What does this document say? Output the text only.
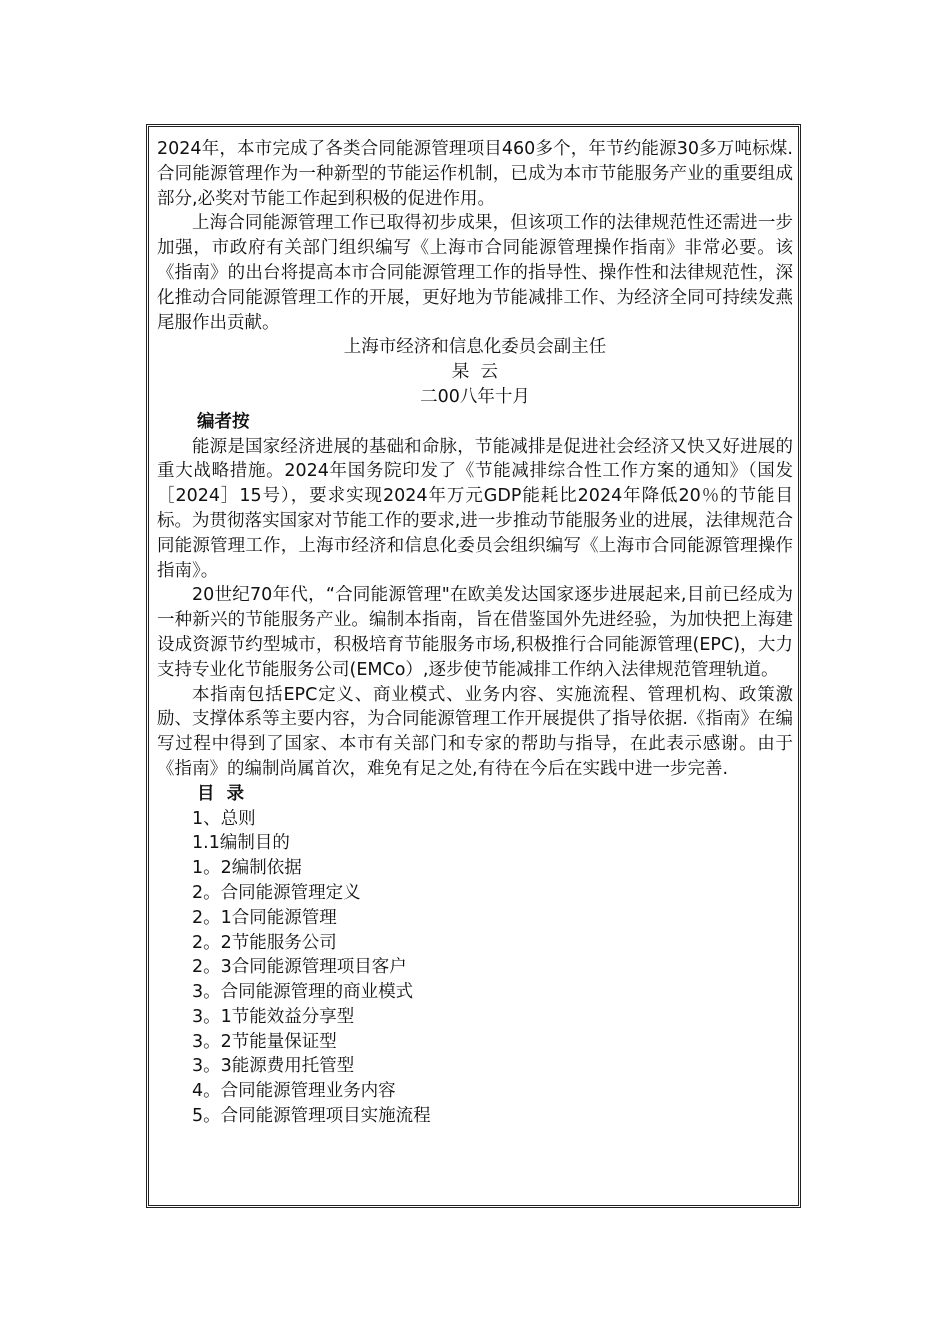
2024年，本市完成了各类合同能源管理项目460多个，年节约能源30多万吨标煤.合同能源管理作为一种新型的节能运作机制，已成为本市节能服务产业的重要组成部分,必奖对节能工作起到积极的促进作用。

上海合同能源管理工作已取得初步成果，但该项工作的法律规范性还需进一步加强，市政府有关部门组织编写《上海市合同能源管理操作指南》非常必要。该《指南》的出台将提高本市合同能源管理工作的指导性、操作性和法律规范性，深化推动合同能源管理工作的开展，更好地为节能减排工作、为经济全同可持续发燕尾服作出贡献。

上海市经济和信息化委员会副主任

杲  云

二00八年十月

编者按

能源是国家经济进展的基础和命脉，节能减排是促进社会经济又快又好进展的重大战略措施。2024年国务院印发了《节能减排综合性工作方案的通知》（国发［2024］15号），要求实现2024年万元GDP能耗比2024年降低20％的节能目标。为贯彻落实国家对节能工作的要求,进一步推动节能服务业的进展，法律规范合同能源管理工作，上海市经济和信息化委员会组织编写《上海市合同能源管理操作指南》。

20世纪70年代，“合同能源管理"在欧美发达国家逐步进展起来,目前已经成为一种新兴的节能服务产业。编制本指南，旨在借鉴国外先进经验，为加快把上海建设成资源节约型城市，积极培育节能服务市场,积极推行合同能源管理(EPC)，大力支持专业化节能服务公司(EMCo）,逐步使节能减排工作纳入法律规范管理轨道。

本指南包括EPC定义、商业模式、业务内容、实施流程、管理机构、政策激励、支撑体系等主要内容，为合同能源管理工作开展提供了指导依据.《指南》在编写过程中得到了国家、本市有关部门和专家的帮助与指导，在此表示感谢。由于《指南》的编制尚属首次，难免有足之处,有待在今后在实践中进一步完善.

目  录

1、总则
1.1编制目的
1。2编制依据
2。合同能源管理定义
2。1合同能源管理
2。2节能服务公司
2。3合同能源管理项目客户
3。合同能源管理的商业模式
3。1节能效益分享型
3。2节能量保证型
3。3能源费用托管型
4。合同能源管理业务内容
5。合同能源管理项目实施流程
